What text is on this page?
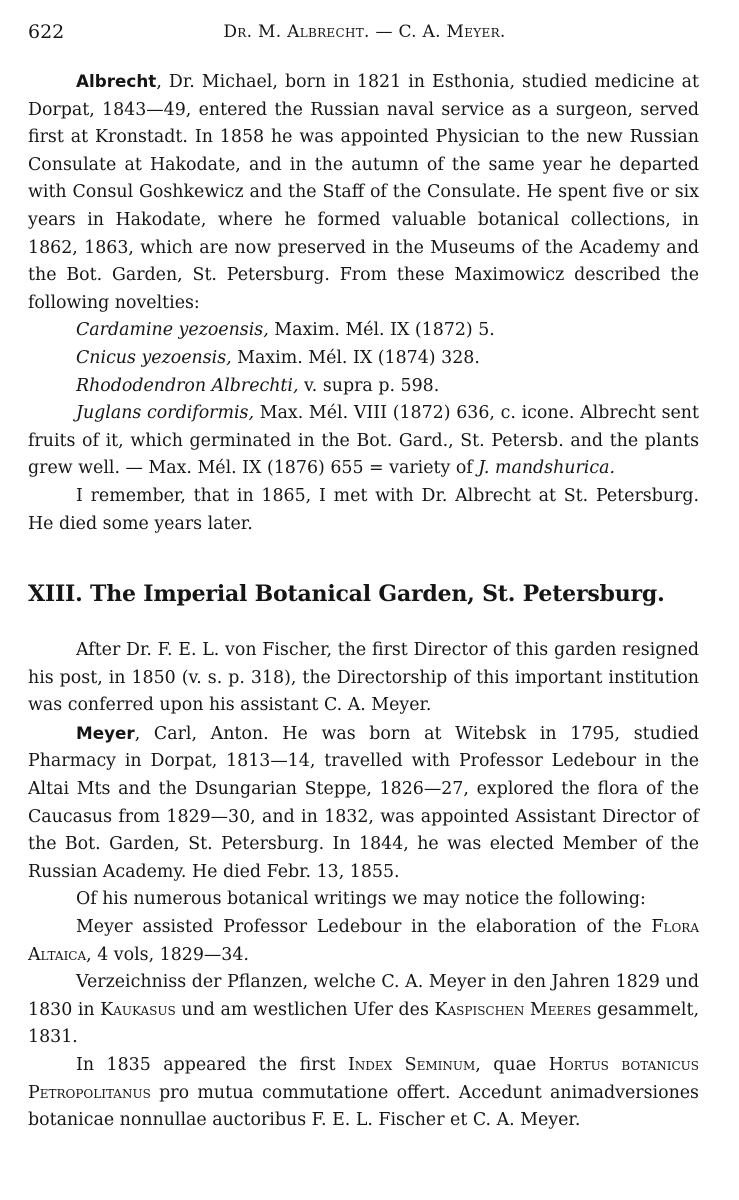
622	Dr. M. Albrecht. — C. A. Meyer.

Albrecht, Dr. Michael, born in 1821 in Esthonia, studied medicine at Dorpat, 1843—49, entered the Russian naval service as a surgeon, served first at Kronstadt. In 1858 he was appointed Physician to the new Russian Consulate at Hakodate, and in the autumn of the same year he departed with Consul Goshkewicz and the Staff of the Consulate. He spent five or six years in Hakodate, where he formed valuable botanical collections, in 1862, 1863, which are now preserved in the Museums of the Academy and the Bot. Garden, St. Petersburg. From these Maximowicz described the following novelties:

Cardamine yezoensis, Maxim. Mél. IX (1872) 5.

Cnicus yezoensis, Maxim. Mél. IX (1874) 328.

Rhododendron Albrechti, v. supra p. 598.

Juglans cordiformis, Max. Mél. VIII (1872) 636, c. icone. Albrecht sent fruits of it, which germinated in the Bot. Gard., St. Petersb. and the plants grew well. — Max. Mél. IX (1876) 655 = variety of J. mandshurica.

I remember, that in 1865, I met with Dr. Albrecht at St. Petersburg. He died some years later.

XIII. The Imperial Botanical Garden, St. Petersburg.

After Dr. F. E. L. von Fischer, the first Director of this garden resigned his post, in 1850 (v. s. p. 318), the Directorship of this important institution was conferred upon his assistant C. A. Meyer.

Meyer, Carl, Anton. He was born at Witebsk in 1795, studied Pharmacy in Dorpat, 1813—14, travelled with Professor Ledebour in the Altai Mts and the Dsungarian Steppe, 1826—27, explored the flora of the Caucasus from 1829—30, and in 1832, was appointed Assistant Director of the Bot. Garden, St. Petersburg. In 1844, he was elected Member of the Russian Academy. He died Febr. 13, 1855.

Of his numerous botanical writings we may notice the following:

Meyer assisted Professor Ledebour in the elaboration of the Flora Altaica, 4 vols, 1829—34.

Verzeichniss der Pflanzen, welche C. A. Meyer in den Jahren 1829 und 1830 in Kaukasus und am westlichen Ufer des Kaspischen Meeres gesammelt, 1831.

In 1835 appeared the first Index Seminum, quae Hortus botanicus Petropolitanus pro mutua commutatione offert. Accedunt animadversiones botanicae nonnullae auctoribus F. E. L. Fischer et C. A. Meyer.
